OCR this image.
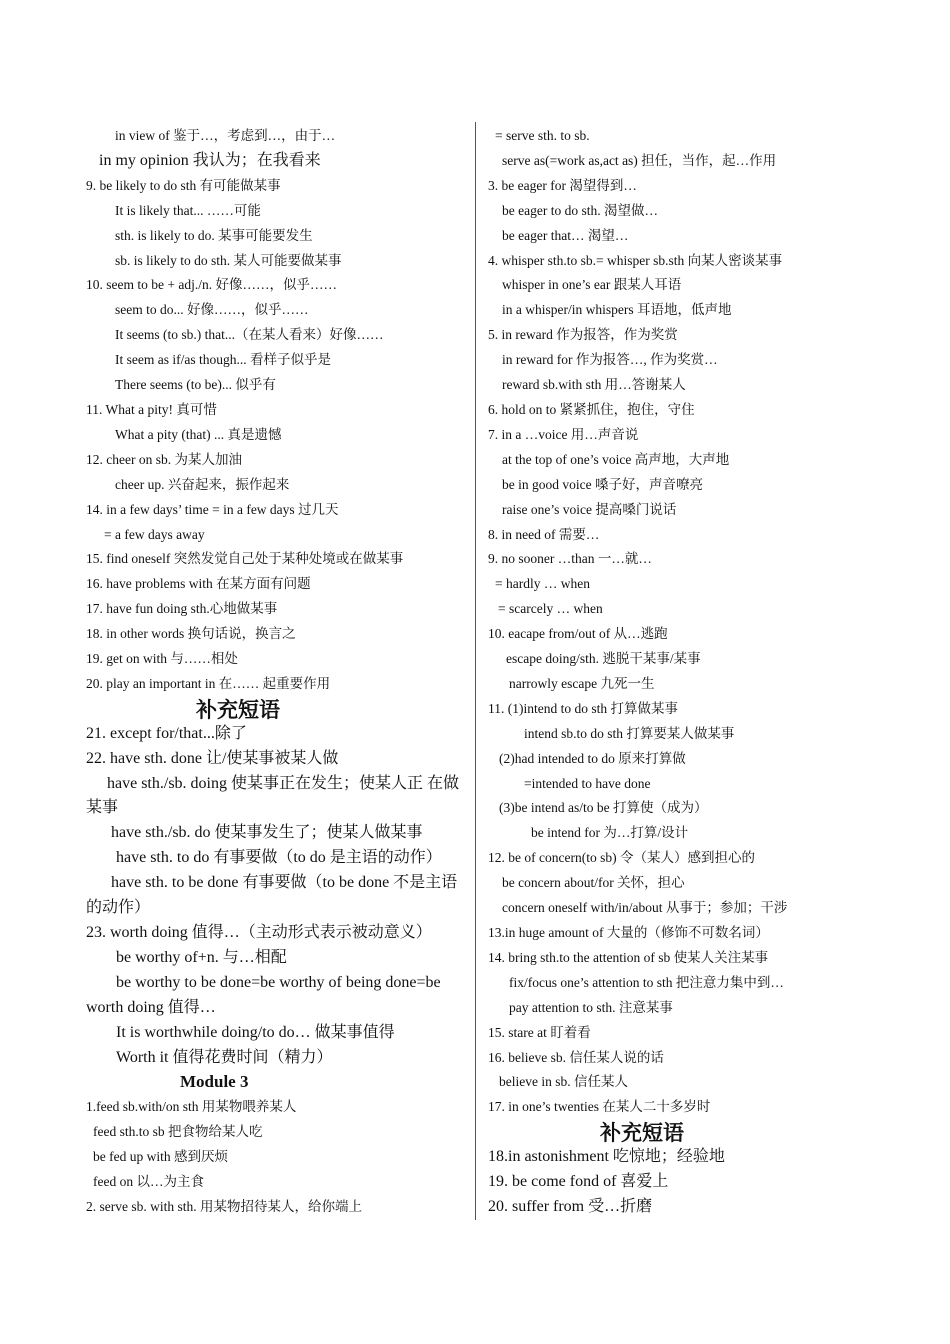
in view of 鉴于…，考虑到…，由于…
in my opinion 我认为；在我看来
9. be likely to do sth 有可能做某事
It is likely that... ……可能
sth. is likely to do. 某事可能要发生
sb. is likely to do sth. 某人可能要做某事
10. seem to be + adj./n. 好像……，似乎……
seem to do... 好像……，似乎……
It seems (to sb.) that...（在某人看来）好像……
It seem as if/as though... 看样子似乎是
There seems (to be)... 似乎有
11. What a pity! 真可惜
What a pity (that) ... 真是遗憾
12. cheer on sb. 为某人加油
cheer up. 兴奋起来，振作起来
14. in a few days’ time = in a few days 过几天
= a few days away
15. find oneself 突然发觉自己处于某种处境或在做某事
16. have problems with 在某方面有问题
17. have fun doing sth.心地做某事
18. in other words 换句话说，换言之
19. get on with 与……相处
20. play an important in 在…… 起重要作用
补充短语
21. except for/that...除了
22. have sth. done 让/使某事被某人做
have sth./sb. doing 使某事正在发生；使某人正 在做某事
have sth./sb. do 使某事发生了；使某人做某事
have sth. to do 有事要做（to do 是主语的动作）
have sth. to be done 有事要做（to be done 不是主语的动作）
23. worth doing 值得…（主动形式表示被动意义）
be worthy of+n. 与…相配
be worthy to be done=be worthy of being done=be worth doing 值得…
It is worthwhile doing/to do… 做某事值得
Worth it 值得花费时间（精力）
Module 3
1.feed sb.with/on sth 用某物喂养某人
feed sth.to sb 把食物给某人吃
be fed up with 感到厌烦
feed on 以…为主食
2. serve sb. with sth. 用某物招待某人，给你端上
= serve sth. to sb.
serve as(=work as,act as) 担任，当作，起…作用
3. be eager for 渴望得到…
be eager to do sth. 渴望做…
be eager that… 渴望…
4. whisper sth.to sb.= whisper sb.sth 向某人密谈某事
whisper in one’s ear 跟某人耳语
in a whisper/in whispers 耳语地，低声地
5. in reward 作为报答，作为奖赏
in reward for 作为报答…, 作为奖赏…
reward sb.with sth 用…答谢某人
6. hold on to 紧紧抓住，抱住，守住
7. in a …voice 用…声音说
at the top of one’s voice 高声地，大声地
be in good voice 嗓子好，声音嘹亮
raise one’s voice 提高嗓门说话
8. in need of 需要…
9. no sooner …than 一…就…
= hardly … when
= scarcely … when
10. eacape from/out of 从…逃跑
escape doing/sth. 逃脱干某事/某事
narrowly escape 九死一生
11. (1)intend to do sth 打算做某事
intend sb.to do sth 打算要某人做某事
(2)had intended to do 原来打算做
=intended to have done
(3)be intend as/to be 打算使（成为）
be intend for 为…打算/设计
12. be of concern(to sb) 令（某人）感到担心的
be concern about/for 关怀，担心
concern oneself with/in/about 从事于；参加；干涉
13.in huge amount of 大量的（修饰不可数名词）
14. bring sth.to the attention of sb 使某人关注某事
fix/focus one’s attention to sth 把注意力集中到…
pay attention to sth. 注意某事
15. stare at 盯着看
16. believe sb. 信任某人说的话
believe in sb. 信任某人
17. in one’s twenties 在某人二十多岁时
补充短语
18.in astonishment 吃惊地；经验地
19. be come fond of 喜爱上
20. suffer from 受…折磨
